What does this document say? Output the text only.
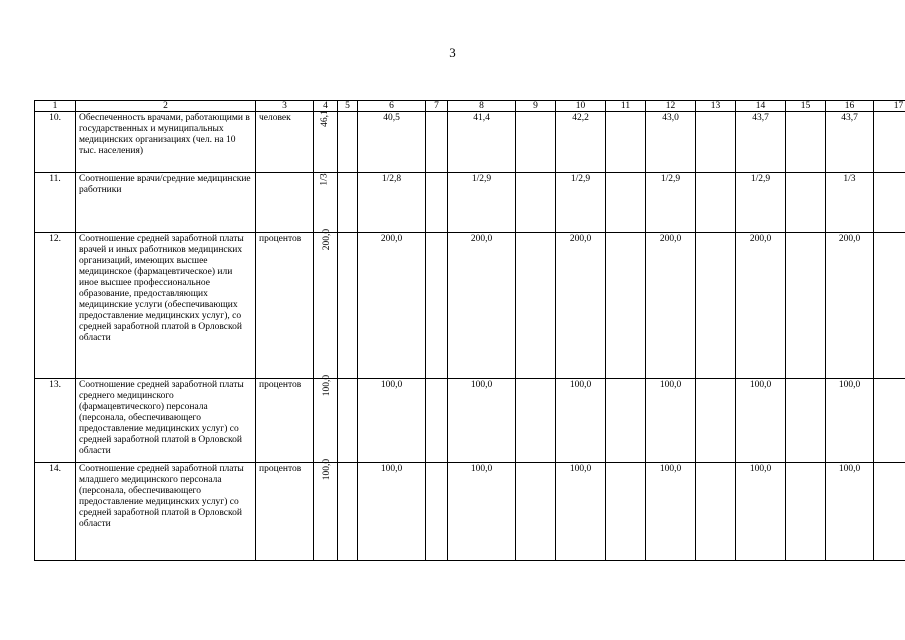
3
1	2	3	4	5	6	7	8	9	10	11	12	13	14	15	16	17
10.	Обеспеченность врачами, работающими в государственных и муниципальных медицинских организациях (чел. на 10 тыс. населения)	человек	46,1		40,5		41,4		42,2		43,0		43,7		43,7	
11.	Соотношение врачи/средние медицинские работники		1/3		1/2,8		1/2,9		1/2,9		1/2,9		1/2,9		1/3	
12.	Соотношение средней заработной платы врачей и иных работников медицинских организаций, имеющих высшее медицинское (фармацевтическое) или иное высшее профессиональное образование, предоставляющих медицинские услуги (обеспечивающих предоставление медицинских услуг), со средней заработной платой в Орловской области	процентов	200,0		200,0		200,0		200,0		200,0		200,0		200,0	
13.	Соотношение средней заработной платы среднего медицинского (фармацевтического) персонала (персонала, обеспечивающего предоставление медицинских услуг) со средней заработной платой в Орловской области	процентов	100,0		100,0		100,0		100,0		100,0		100,0		100,0	
14.	Соотношение средней заработной платы младшего медицинского персонала (персонала, обеспечивающего предоставление медицинских услуг) со средней заработной платой в Орловской области	процентов	100,0		100,0		100,0		100,0		100,0		100,0		100,0	
